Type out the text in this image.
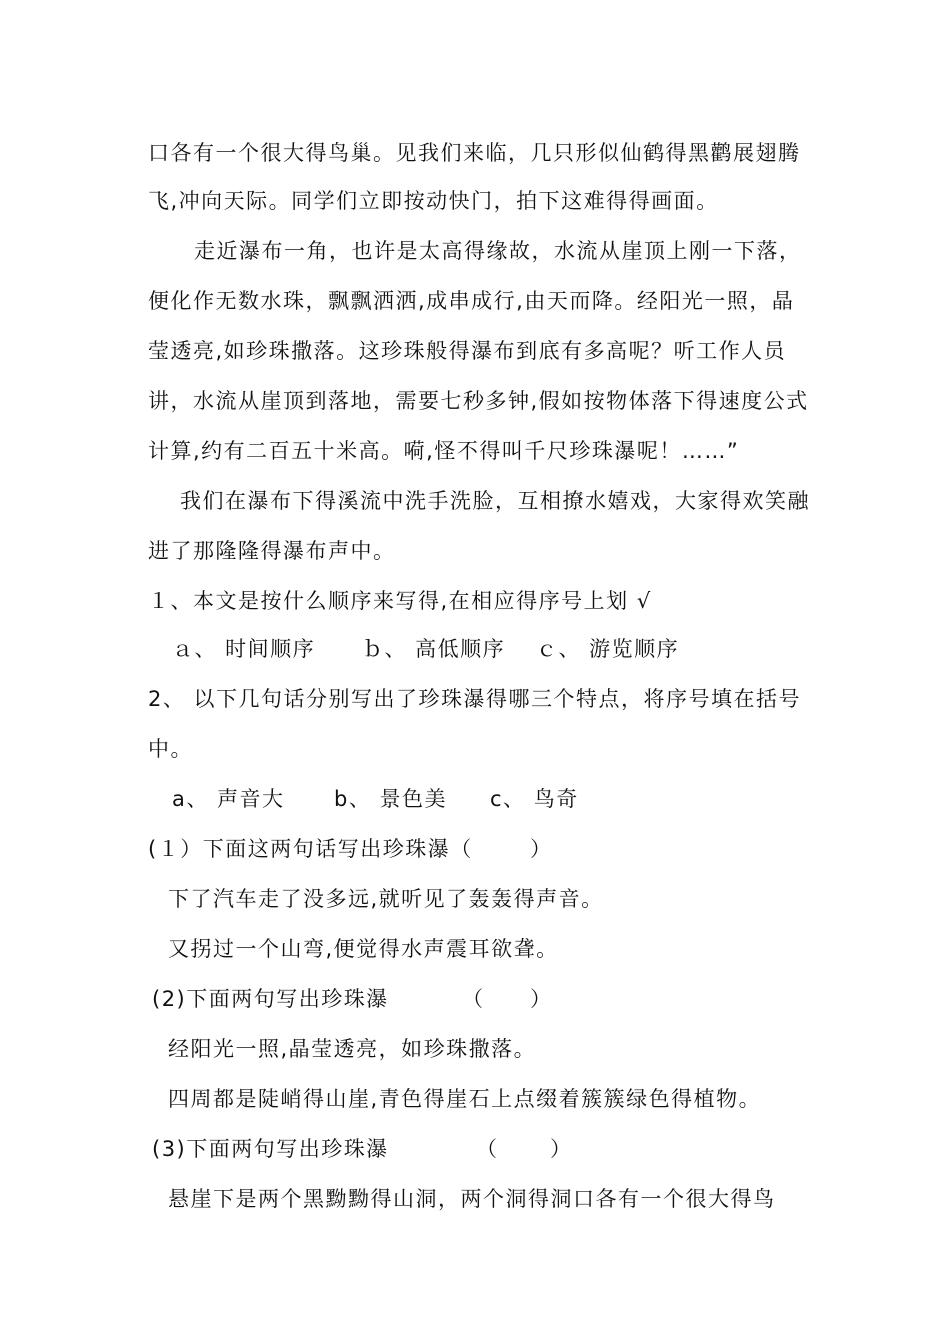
口各有一个很大得鸟巢。见我们来临，几只形似仙鹤得黑鹳展翅腾
飞,冲向天际。同学们立即按动快门，拍下这难得得画面。
走近瀑布一角，也许是太高得缘故，水流从崖顶上刚一下落，
便化作无数水珠，飘飘洒洒,成串成行,由天而降。经阳光一照，晶
莹透亮,如珍珠撒落。这珍珠般得瀑布到底有多高呢？听工作人员
讲，水流从崖顶到落地，需要七秒多钟,假如按物体落下得速度公式
计算,约有二百五十米高。嗬,怪不得叫千尺珍珠瀑呢！……”
我们在瀑布下得溪流中洗手洗脸，互相撩水嬉戏，大家得欢笑融
进了那隆隆得瀑布声中。
１、本文是按什么顺序来写得,在相应得序号上划 √
ａ、 时间顺序 ｂ、 高低顺序 ｃ、 游览顺序
2、 以下几句话分别写出了珍珠瀑得哪三个特点，将序号填在括号
中。
a、 声音大 b、 景色美 c、 鸟奇
(１）下面这两句话写出珍珠瀑（	）
下了汽车走了没多远,就听见了轰轰得声音。
又拐过一个山弯,便觉得水声震耳欲聋。
(2)下面两句写出珍珠瀑	（ ）
经阳光一照,晶莹透亮，如珍珠撒落。
四周都是陡峭得山崖,青色得崖石上点缀着簇簇绿色得植物。
(3)下面两句写出珍珠瀑	（ ）
悬崖下是两个黑黝黝得山洞，两个洞得洞口各有一个很大得鸟
